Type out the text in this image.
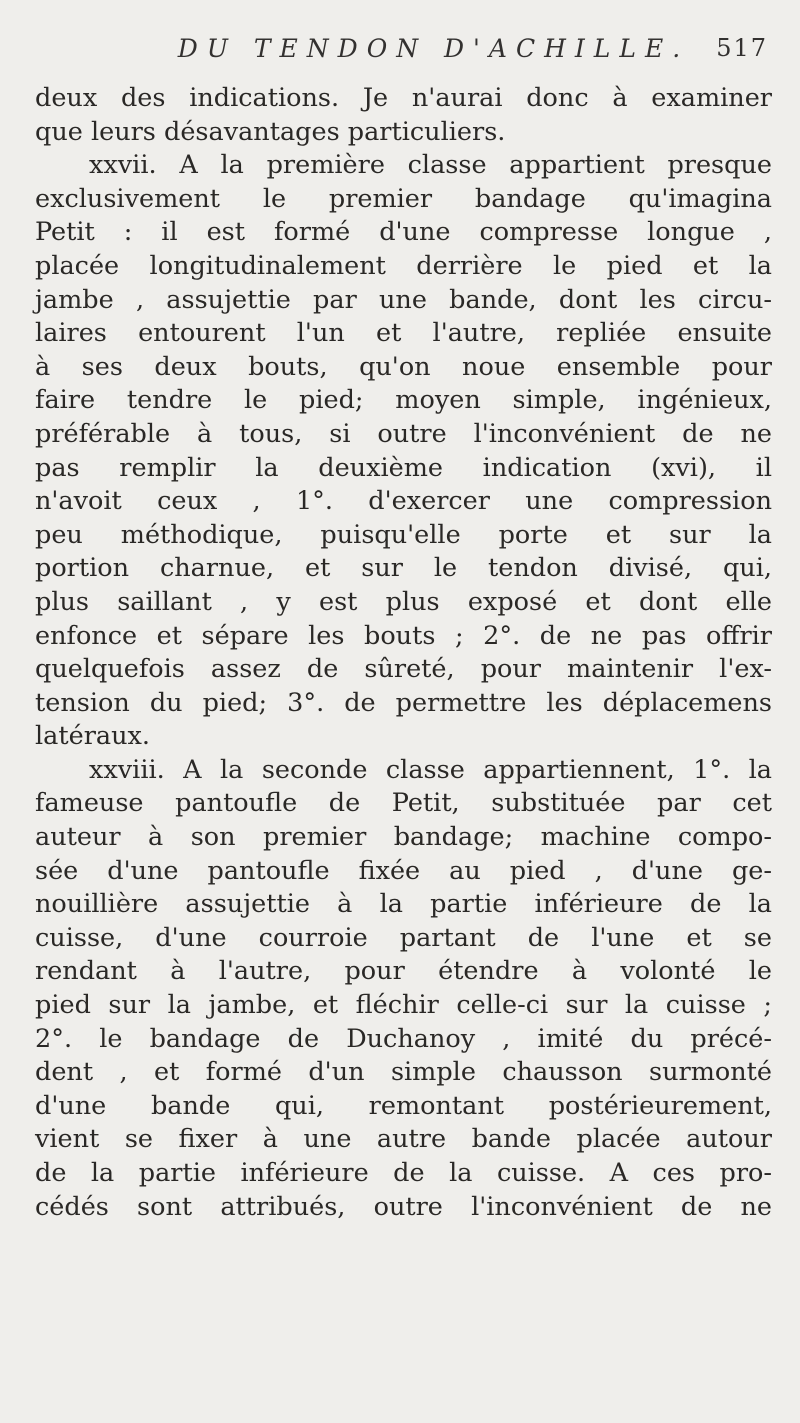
DU TENDON D'ACHILLE. 517
deux des indications. Je n'aurai donc à examiner
que leurs désavantages particuliers.
xxvii. A la première classe appartient presque
exclusivement le premier bandage qu'imagina
Petit : il est formé d'une compresse longue ,
placée longitudinalement derrière le pied et la
jambe , assujettie par une bande, dont les circu-
laires entourent l'un et l'autre, repliée ensuite
à ses deux bouts, qu'on noue ensemble pour
faire tendre le pied; moyen simple, ingénieux,
préférable à tous, si outre l'inconvénient de ne
pas remplir la deuxième indication (xvi), il
n'avoit ceux , 1°. d'exercer une compression
peu méthodique, puisqu'elle porte et sur la
portion charnue, et sur le tendon divisé, qui,
plus saillant , y est plus exposé et dont elle
enfonce et sépare les bouts ; 2°. de ne pas offrir
quelquefois assez de sûreté, pour maintenir l'ex-
tension du pied; 3°. de permettre les déplacemens
latéraux.
xxviii. A la seconde classe appartiennent, 1°. la
fameuse pantoufle de Petit, substituée par cet
auteur à son premier bandage; machine compo-
sée d'une pantoufle fixée au pied , d'une ge-
nouillière assujettie à la partie inférieure de la
cuisse, d'une courroie partant de l'une et se
rendant à l'autre, pour étendre à volonté le
pied sur la jambe, et fléchir celle-ci sur la cuisse ;
2°. le bandage de Duchanoy , imité du précé-
dent , et formé d'un simple chausson surmonté
d'une bande qui, remontant postérieurement,
vient se fixer à une autre bande placée autour
de la partie inférieure de la cuisse. A ces pro-
cédés sont attribués, outre l'inconvénient de ne
